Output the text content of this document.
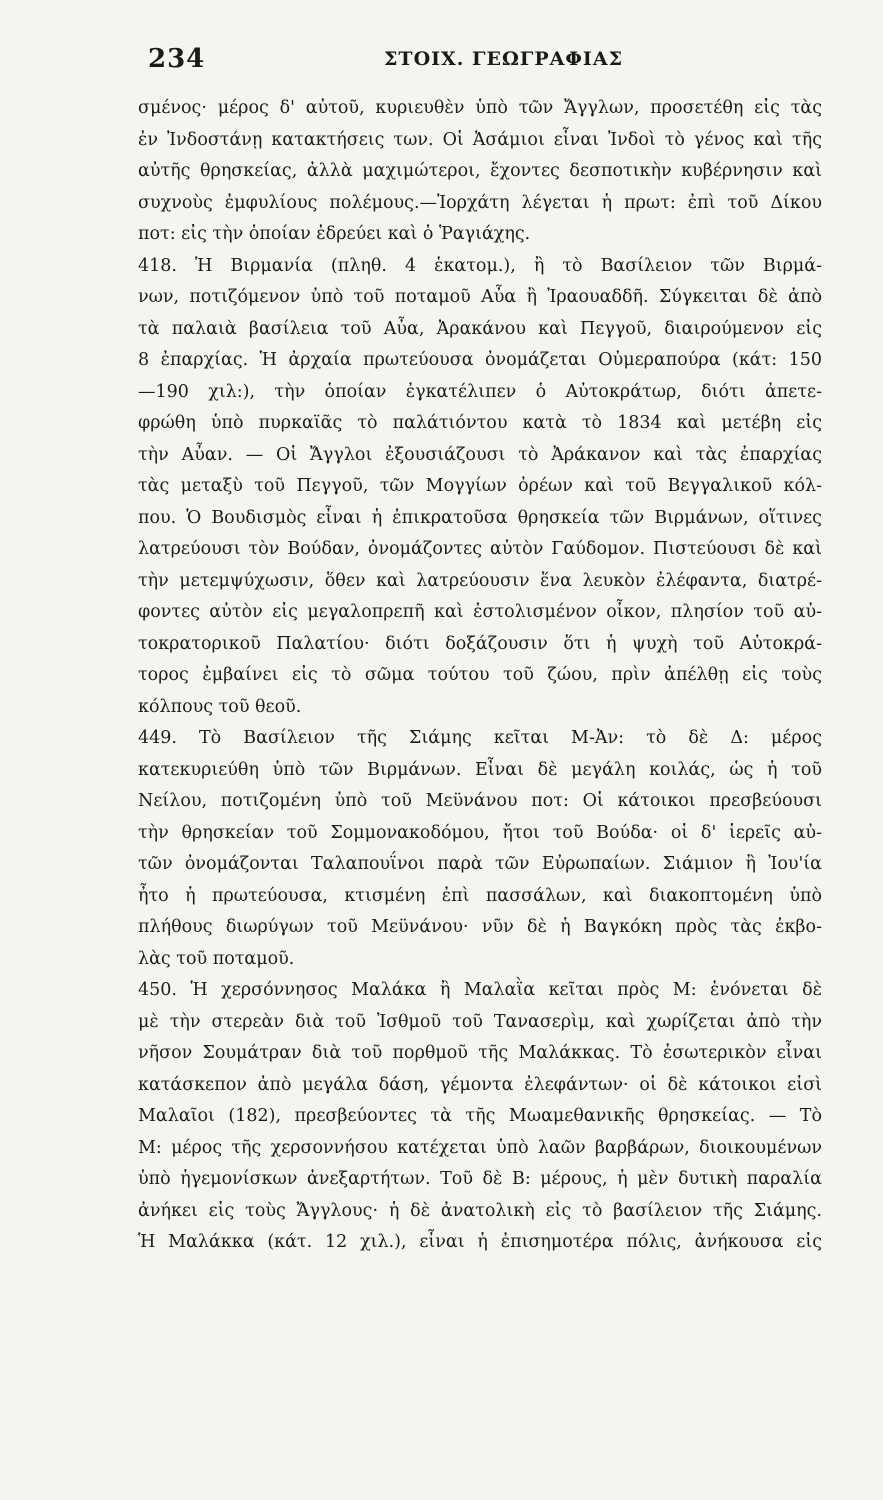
234	ΣΤΟΙΧ. ΓΕΩΓΡΑΦΙΑΣ
σμένος· μέρος δ' αὐτοῦ, κυριευθὲν ὑπὸ τῶν Ἄγγλων, προσετέθη εἰς τὰς
ἐν Ἰνδοστάνῃ κατακτήσεις των. Οἱ Ἀσάμιοι εἶναι Ἰνδοὶ τὸ γένος καὶ τῆς
αὐτῆς θρησκείας, ἀλλὰ μαχιμώτεροι, ἔχοντες δεσποτικὴν κυβέρνησιν καὶ
συχνοὺς ἐμφυλίους πολέμους.—Ἰορχάτη λέγεται ἡ πρωτ: ἐπὶ τοῦ Δίκου
ποτ: εἰς τὴν ὁποίαν ἑδρεύει καὶ ὁ Ῥαγιάχης.
418. Ἡ Βιρμανία (πληθ. 4 ἑκατομ.), ἢ τὸ Βασίλειον τῶν Βιρμά-
νων, ποτιζόμενον ὑπὸ τοῦ ποταμοῦ Αὖα ἢ Ἰραουαδδῆ. Σύγκειται δὲ ἀπὸ
τὰ παλαιὰ βασίλεια τοῦ Αὖα, Ἀρακάνου καὶ Πεγγοῦ, διαιρούμενον εἰς
8 ἐπαρχίας. Ἡ ἀρχαία πρωτεύουσα ὀνομάζεται Οὐμεραπούρα (κάτ: 150
—190 χιλ:), τὴν ὁποίαν ἐγκατέλιπεν ὁ Αὐτοκράτωρ, διότι ἀπετε-
φρώθη ὑπὸ πυρκαϊᾶς τὸ παλάτιόντου κατὰ τὸ 1834 καὶ μετέβη εἰς
τὴν Αὖαν. — Οἱ Ἄγγλοι ἐξουσιάζουσι τὸ Ἀράκανον καὶ τὰς ἐπαρχίας
τὰς μεταξὺ τοῦ Πεγγοῦ, τῶν Μογγίων ὀρέων καὶ τοῦ Βεγγαλικοῦ κόλ-
που. Ὁ Βουδισμὸς εἶναι ἡ ἐπικρατοῦσα θρησκεία τῶν Βιρμάνων, οἵτινες
λατρεύουσι τὸν Βούδαν, ὀνομάζοντες αὐτὸν Γαύδομον. Πιστεύουσι δὲ καὶ
τὴν μετεμψύχωσιν, ὅθεν καὶ λατρεύουσιν ἕνα λευκὸν ἐλέφαντα, διατρέ-
φοντες αὐτὸν εἰς μεγαλοπρεπῆ καὶ ἐστολισμένον οἶκον, πλησίον τοῦ αὐ-
τοκρατορικοῦ Παλατίου· διότι δοξάζουσιν ὅτι ἡ ψυχὴ τοῦ Αὐτοκρά-
τορος ἐμβαίνει εἰς τὸ σῶμα τούτου τοῦ ζώου, πρὶν ἀπέλθῃ εἰς τοὺς
κόλπους τοῦ θεοῦ.
449. Τὸ Βασίλειον τῆς Σιάμης κεῖται Μ-Ἀν: τὸ δὲ Δ: μέρος
κατεκυριεύθη ὑπὸ τῶν Βιρμάνων. Εἶναι δὲ μεγάλη κοιλάς, ὡς ἡ τοῦ
Νείλου, ποτιζομένη ὑπὸ τοῦ Μεϋνάνου ποτ: Οἱ κάτοικοι πρεσβεύουσι
τὴν θρησκείαν τοῦ Σομμονακοδόμου, ἤτοι τοῦ Βούδα· οἱ δ' ἱερεῖς αὐ-
τῶν ὀνομάζονται Ταλαπουΐνοι παρὰ τῶν Εὐρωπαίων. Σιάμιον ἢ Ἰου'ία
ἦτο ἡ πρωτεύουσα, κτισμένη ἐπὶ πασσάλων, καὶ διακοπτομένη ὑπὸ
πλήθους διωρύγων τοῦ Μεϋνάνου· νῦν δὲ ἡ Βαγκόκη πρὸς τὰς ἐκβο-
λὰς τοῦ ποταμοῦ.
450. Ἡ χερσόννησος Μαλάκα ἢ Μαλαῒα κεῖται πρὸς Μ: ἑνόνεται δὲ
μὲ τὴν στερεὰν διὰ τοῦ Ἰσθμοῦ τοῦ Τανασερὶμ, καὶ χωρίζεται ἀπὸ τὴν
νῆσον Σουμάτραν διὰ τοῦ πορθμοῦ τῆς Μαλάκκας. Τὸ ἐσωτερικὸν εἶναι
κατάσκεπον ἀπὸ μεγάλα δάση, γέμοντα ἐλεφάντων· οἱ δὲ κάτοικοι εἰσὶ
Μαλαῖοι (182), πρεσβεύοντες τὰ τῆς Μωαμεθανικῆς θρησκείας. — Τὸ
Μ: μέρος τῆς χερσοννήσου κατέχεται ὑπὸ λαῶν βαρβάρων, διοικουμένων
ὑπὸ ἡγεμονίσκων ἀνεξαρτήτων. Τοῦ δὲ Β: μέρους, ἡ μὲν δυτικὴ παραλία
ἀνήκει εἰς τοὺς Ἄγγλους· ἡ δὲ ἀνατολικὴ εἰς τὸ βασίλειον τῆς Σιάμης.
Ἡ Μαλάκκα (κάτ. 12 χιλ.), εἶναι ἡ ἐπισημοτέρα πόλις, ἀνήκουσα εἰς
